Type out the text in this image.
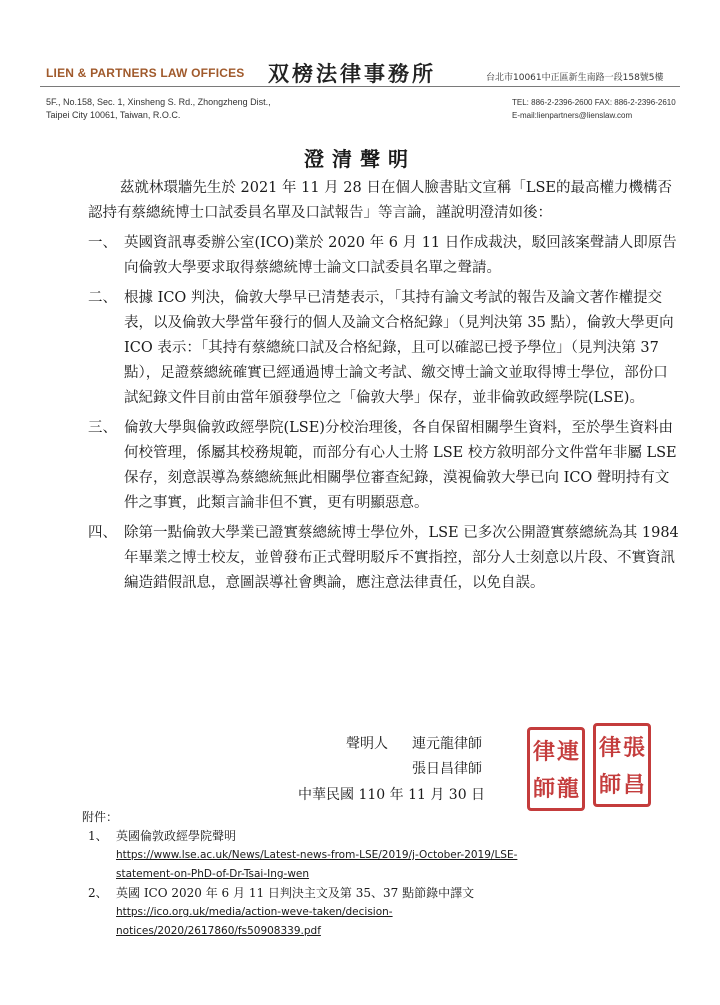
LIEN & PARTNERS LAW OFFICES 双榜法律事務所	台北市10061中正區新生南路一段158號5樓
5F., No.158, Sec. 1, Xinsheng S. Rd., Zhongzheng Dist.,
Taipei City 10061, Taiwan, R.O.C.
TEL: 886-2-2396-2600 FAX: 886-2-2396-2610
E-mail:lienpartners@lienslaw.com
澄清聲明

茲就林環牆先生於 2021 年 11 月 28 日在個人臉書貼文宣稱「LSE的最高權力機構否認持有蔡總統博士口試委員名單及口試報告」等言論，謹說明澄清如後：

一、 英國資訊專委辦公室(ICO)業於 2020 年 6 月 11 日作成裁決，駁回該案聲請人即原告向倫敦大學要求取得蔡總統博士論文口試委員名單之聲請。
二、 根據 ICO 判決，倫敦大學早已清楚表示，「其持有論文考試的報告及論文著作權提交表，以及倫敦大學當年發行的個人及論文合格紀錄」（見判決第 35 點），倫敦大學更向 ICO 表示：「其持有蔡總統口試及合格紀錄，且可以確認已授予學位」（見判決第 37 點），足證蔡總統確實已經通過博士論文考試、繳交博士論文並取得博士學位，部份口試紀錄文件目前由當年頒發學位之「倫敦大學」保存，並非倫敦政經學院(LSE)。
三、 倫敦大學與倫敦政經學院(LSE)分校治理後，各自保留相關學生資料，至於學生資料由何校管理，係屬其校務規範，而部分有心人士將 LSE 校方敘明部分文件當年非屬 LSE 保存，刻意誤導為蔡總統無此相關學位審查紀錄，漠視倫敦大學已向 ICO 聲明持有文件之事實，此類言論非但不實，更有明顯惡意。
四、 除第一點倫敦大學業已證實蔡總統博士學位外，LSE 已多次公開證實蔡總統為其 1984 年畢業之博士校友，並曾發布正式聲明駁斥不實指控，部分人士刻意以片段、不實資訊編造錯假訊息，意圖誤導社會輿論，應注意法律責任，以免自誤。
聲明人 連元龍律師
張日昌律師
中華民國 110 年 11 月 30 日
律 連
師 龍
律 張
師 昌
附件：
1、 英國倫敦政經學院聲明
https://www.lse.ac.uk/News/Latest-news-from-LSE/2019/j-October-2019/LSE-
statement-on-PhD-of-Dr-Tsai-Ing-wen
2、 英國 ICO 2020 年 6 月 11 日判決主文及第 35、37 點節錄中譯文
https://ico.org.uk/media/action-weve-taken/decision-
notices/2020/2617860/fs50908339.pdf
